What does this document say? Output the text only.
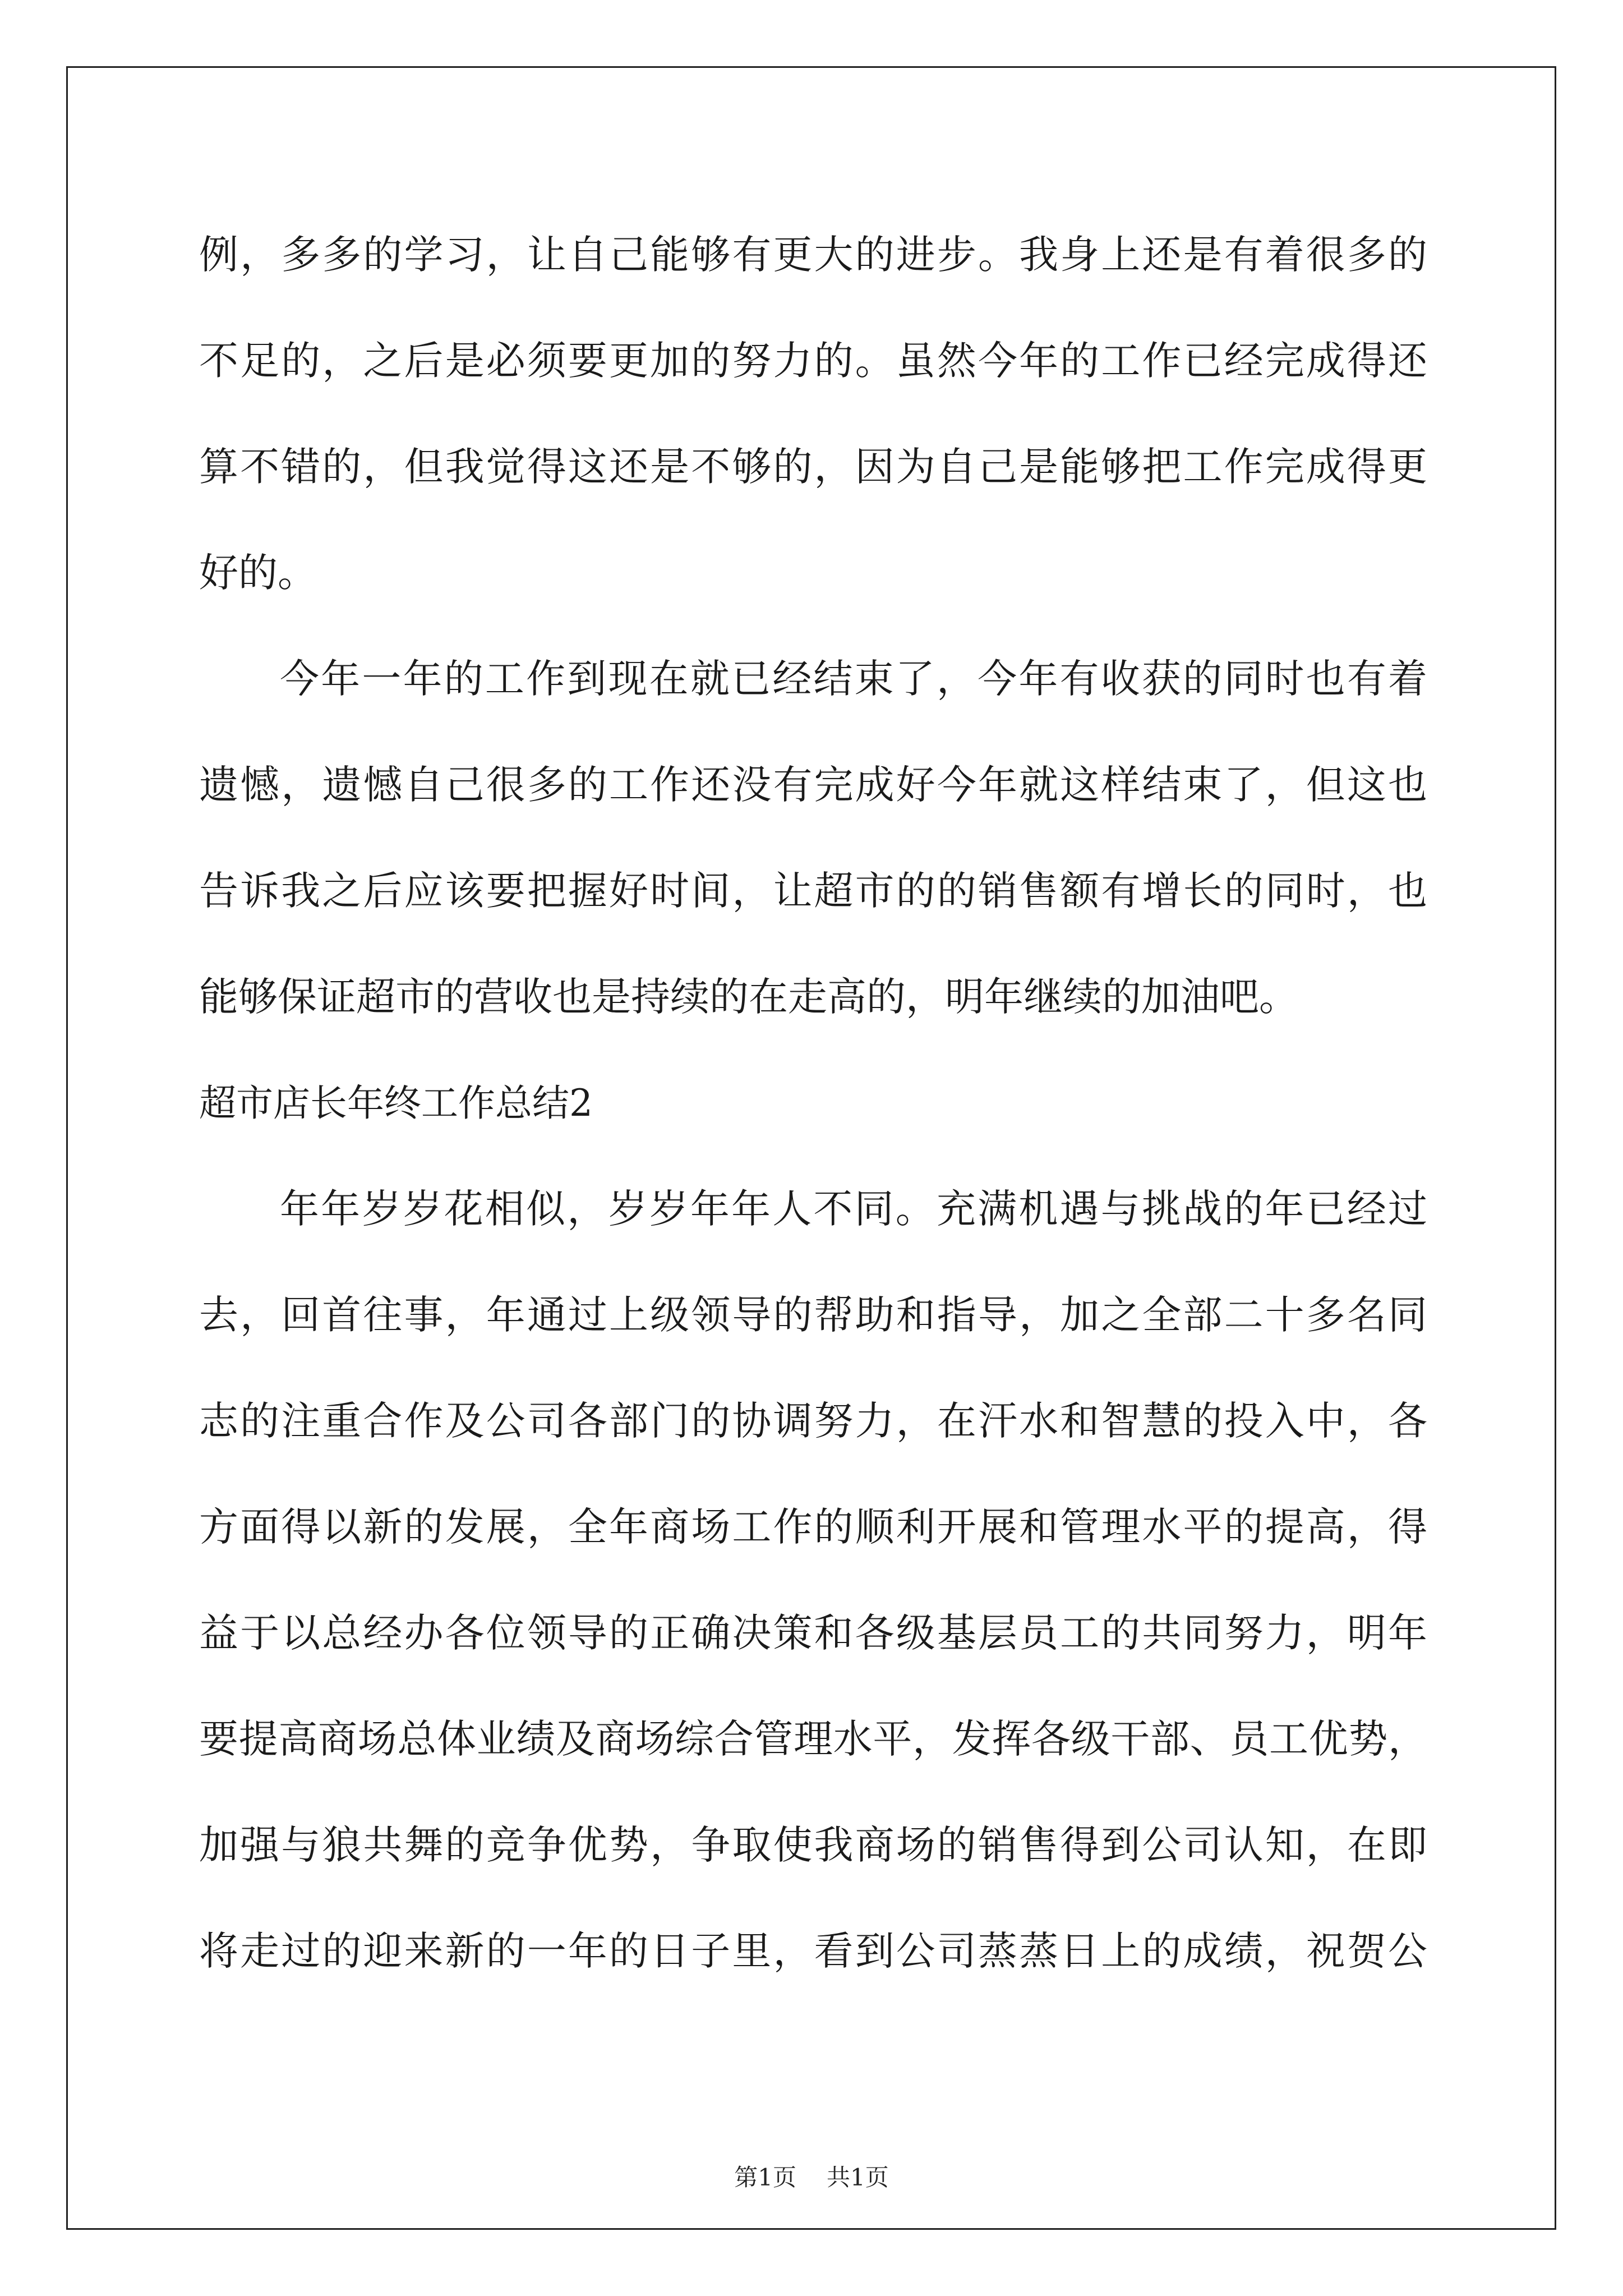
例，多多的学习，让自己能够有更大的进步。我身上还是有着很多的
不足的，之后是必须要更加的努力的。虽然今年的工作已经完成得还
算不错的，但我觉得这还是不够的，因为自己是能够把工作完成得更
好的。
今年一年的工作到现在就已经结束了，今年有收获的同时也有着
遗憾，遗憾自己很多的工作还没有完成好今年就这样结束了，但这也
告诉我之后应该要把握好时间，让超市的的销售额有增长的同时，也
能够保证超市的营收也是持续的在走高的，明年继续的加油吧。
超市店长年终工作总结2
年年岁岁花相似，岁岁年年人不同。充满机遇与挑战的年已经过
去，回首往事，年通过上级领导的帮助和指导，加之全部二十多名同
志的注重合作及公司各部门的协调努力，在汗水和智慧的投入中，各
方面得以新的发展，全年商场工作的顺利开展和管理水平的提高，得
益于以总经办各位领导的正确决策和各级基层员工的共同努力，明年
要提高商场总体业绩及商场综合管理水平，发挥各级干部、员工优势，
加强与狼共舞的竞争优势，争取使我商场的销售得到公司认知，在即
将走过的迎来新的一年的日子里，看到公司蒸蒸日上的成绩，祝贺公
第1页 共1页
